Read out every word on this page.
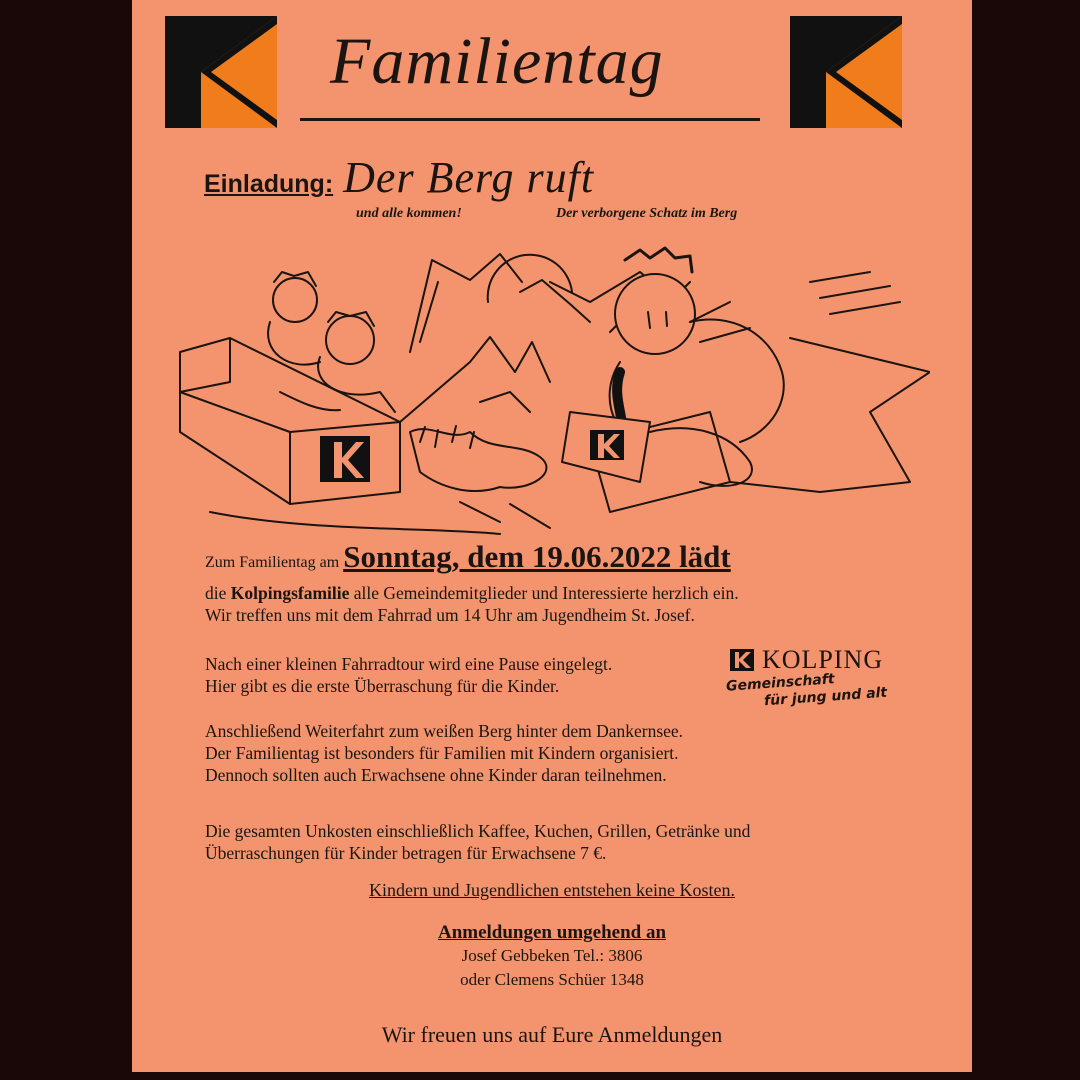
Familientag
Einladung: Der Berg ruft
und alle kommen!	Der verborgene Schatz im Berg
Zum Familientag am Sonntag, dem 19.06.2022 lädt
die Kolpingsfamilie alle Gemeindemitglieder und Interessierte herzlich ein.
Wir treffen uns mit dem Fahrrad um 14 Uhr am Jugendheim St. Josef.
Nach einer kleinen Fahrradtour wird eine Pause eingelegt.
Hier gibt es die erste Überraschung für die Kinder.
KOLPING
Gemeinschaft
für jung und alt
Anschließend Weiterfahrt zum weißen Berg hinter dem Dankernsee.
Der Familientag ist besonders für Familien mit Kindern organisiert.
Dennoch sollten auch Erwachsene ohne Kinder daran teilnehmen.
Die gesamten Unkosten einschließlich Kaffee, Kuchen, Grillen, Getränke und
Überraschungen für Kinder betragen für Erwachsene 7 €.
Kindern und Jugendlichen entstehen keine Kosten.
Anmeldungen umgehend an
Josef Gebbeken Tel.: 3806
oder Clemens Schüer 1348
Wir freuen uns auf Eure Anmeldungen
